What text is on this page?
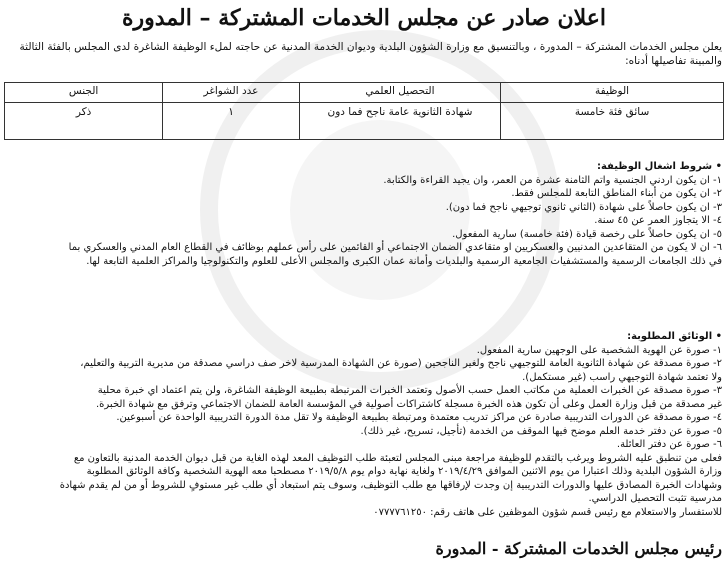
اعلان صادر عن مجلس الخدمات المشتركة – المدورة
يعلن مجلس الخدمات المشتركة – المدورة ، وبالتنسيق مع وزارة الشؤون البلدية وديوان الخدمة المدنية عن حاجته لملء الوظيفة الشاغرة لدى المجلس بالفئة الثالثة
والمبينة تفاصيلها أدناه:
الوظيفة	التحصيل العلمي	عدد الشواغر	الجنس
سائق فئة خامسة	شهادة الثانوية عامة ناجح فما دون	١	ذكر
• شروط اشغال الوظيفة:
١- ان يكون اردني الجنسية واتم الثامنة عشرة من العمر، وان يجيد القراءة والكتابة.
٢- ان يكون من أبناء المناطق التابعة للمجلس فقط.
٣- ان يكون حاصلاً على شهادة (الثاني ثانوي توجيهي ناجح فما دون).
٤- الا يتجاوز العمر عن ٤٥ سنة.
٥- ان يكون حاصلاً على رخصة قيادة (فئة خامسة) سارية المفعول.
٦- ان لا يكون من المتقاعدين المدنيين والعسكريين او متقاعدي الضمان الاجتماعي أو القائمين على رأس عملهم بوظائف في القطاع العام المدني والعسكري بما
في ذلك الجامعات الرسمية والمستشفيات الجامعية الرسمية والبلديات وأمانة عمان الكبرى والمجلس الأعلى للعلوم والتكنولوجيا والمراكز العلمية التابعة لها.
• الوثائق المطلوبة:
١- صورة عن الهوية الشخصية على الوجهين سارية المفعول.
٢- صورة مصدقة عن شهادة الثانوية العامة للتوجيهي ناجح ولغير الناجحين (صورة عن الشهادة المدرسية لاخر صف دراسي مصدقة من مديرية التربية والتعليم،
ولا تعتمد شهادة التوجيهي راسب (غير مستكمل).
٣- صورة مصدقة عن الخبرات العملية من مكاتب العمل حسب الأصول وتعتمد الخبرات المرتبطة بطبيعة الوظيفة الشاغرة، ولن يتم اعتماد اي خبرة محلية
غير مصدقة من قبل وزارة العمل وعلى أن تكون هذه الخبرة مسجلة كاشتراكات أصولية في المؤسسة العامة للضمان الاجتماعي وترفق مع شهادة الخبرة.
٤- صورة مصدقة عن الدورات التدريبية صادرة عن مراكز تدريب معتمدة ومرتبطة بطبيعة الوظيفة ولا تقل مدة الدورة التدريبية الواحدة عن أسبوعين.
٥- صورة عن دفتر خدمة العلم موضح فيها الموقف من الخدمة (تأجيل، تسريح، غير ذلك).
٦- صورة عن دفتر العائلة.
فعلى من تنطبق عليه الشروط ويرغب بالتقدم للوظيفة مراجعة مبنى المجلس لتعبئة طلب التوظيف المعد لهذه الغاية من قبل ديوان الخدمة المدنية بالتعاون مع
وزارة الشؤون البلدية وذلك اعتبارا من يوم الاثنين الموافق ٢٠١٩/٤/٢٩ ولغاية نهاية دوام يوم ٢٠١٩/٥/٨ مصطحبا معه الهوية الشخصية وكافة الوثائق المطلوبة
وشهادات الخبرة المصادق عليها والدورات التدريبية إن وجدت لإرفاقها مع طلب التوظيف، وسوف يتم استبعاد أي طلب غير مستوفٍ للشروط أو من لم يقدم شهادة
مدرسية تثبت التحصيل الدراسي.
للاستفسار والاستعلام مع رئيس قسم شؤون الموظفين على هاتف رقم: ٠٧٧٧٧٦١٢٥٠
رئيس مجلس الخدمات المشتركة - المدورة
